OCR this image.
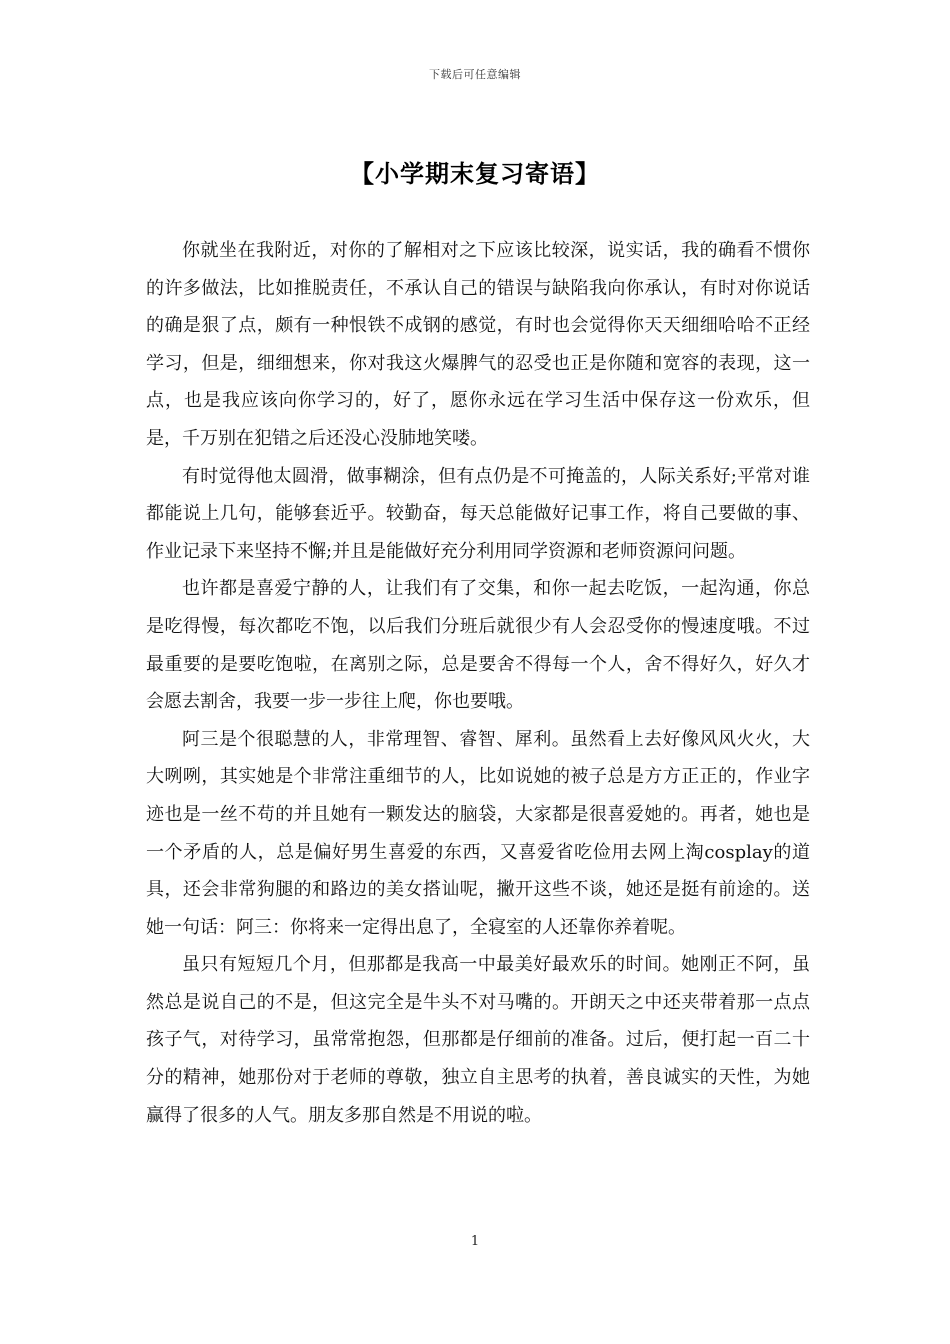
下载后可任意编辑
【小学期末复习寄语】

你就坐在我附近，对你的了解相对之下应该比较深，说实话，我的确看不惯你的许多做法，比如推脱责任，不承认自己的错误与缺陷我向你承认，有时对你说话的确是狠了点，颇有一种恨铁不成钢的感觉，有时也会觉得你天天细细哈哈不正经学习，但是，细细想来，你对我这火爆脾气的忍受也正是你随和宽容的表现，这一点，也是我应该向你学习的，好了，愿你永远在学习生活中保存这一份欢乐，但是，千万别在犯错之后还没心没肺地笑喽。

有时觉得他太圆滑，做事糊涂，但有点仍是不可掩盖的，人际关系好;平常对谁都能说上几句，能够套近乎。较勤奋，每天总能做好记事工作，将自己要做的事、作业记录下来坚持不懈;并且是能做好充分利用同学资源和老师资源问问题。

也许都是喜爱宁静的人，让我们有了交集，和你一起去吃饭，一起沟通，你总是吃得慢，每次都吃不饱，以后我们分班后就很少有人会忍受你的慢速度哦。不过最重要的是要吃饱啦，在离别之际，总是要舍不得每一个人，舍不得好久，好久才会愿去割舍，我要一步一步往上爬，你也要哦。

阿三是个很聪慧的人，非常理智、睿智、犀利。虽然看上去好像风风火火，大大咧咧，其实她是个非常注重细节的人，比如说她的被子总是方方正正的，作业字迹也是一丝不苟的并且她有一颗发达的脑袋，大家都是很喜爱她的。再者，她也是一个矛盾的人，总是偏好男生喜爱的东西，又喜爱省吃俭用去网上淘cosplay的道具，还会非常狗腿的和路边的美女搭讪呢，撇开这些不谈，她还是挺有前途的。送她一句话：阿三：你将来一定得出息了，全寝室的人还靠你养着呢。

虽只有短短几个月，但那都是我高一中最美好最欢乐的时间。她刚正不阿，虽然总是说自己的不是，但这完全是牛头不对马嘴的。开朗天之中还夹带着那一点点孩子气，对待学习，虽常常抱怨，但那都是仔细前的准备。过后，便打起一百二十分的精神，她那份对于老师的尊敬，独立自主思考的执着，善良诚实的天性，为她赢得了很多的人气。朋友多那自然是不用说的啦。

1
